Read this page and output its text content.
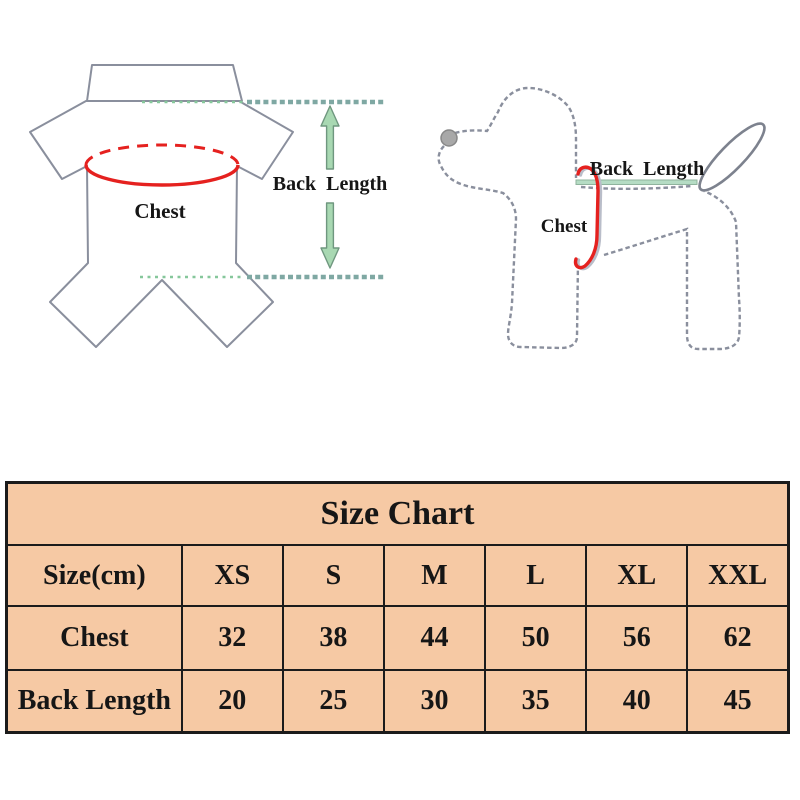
Back Length
Chest
Back Length
Chest
Size Chart						
Size(cm)	XS	S	M	L	XL	XXL
Chest	32	38	44	50	56	62
Back Length	20	25	30	35	40	45
